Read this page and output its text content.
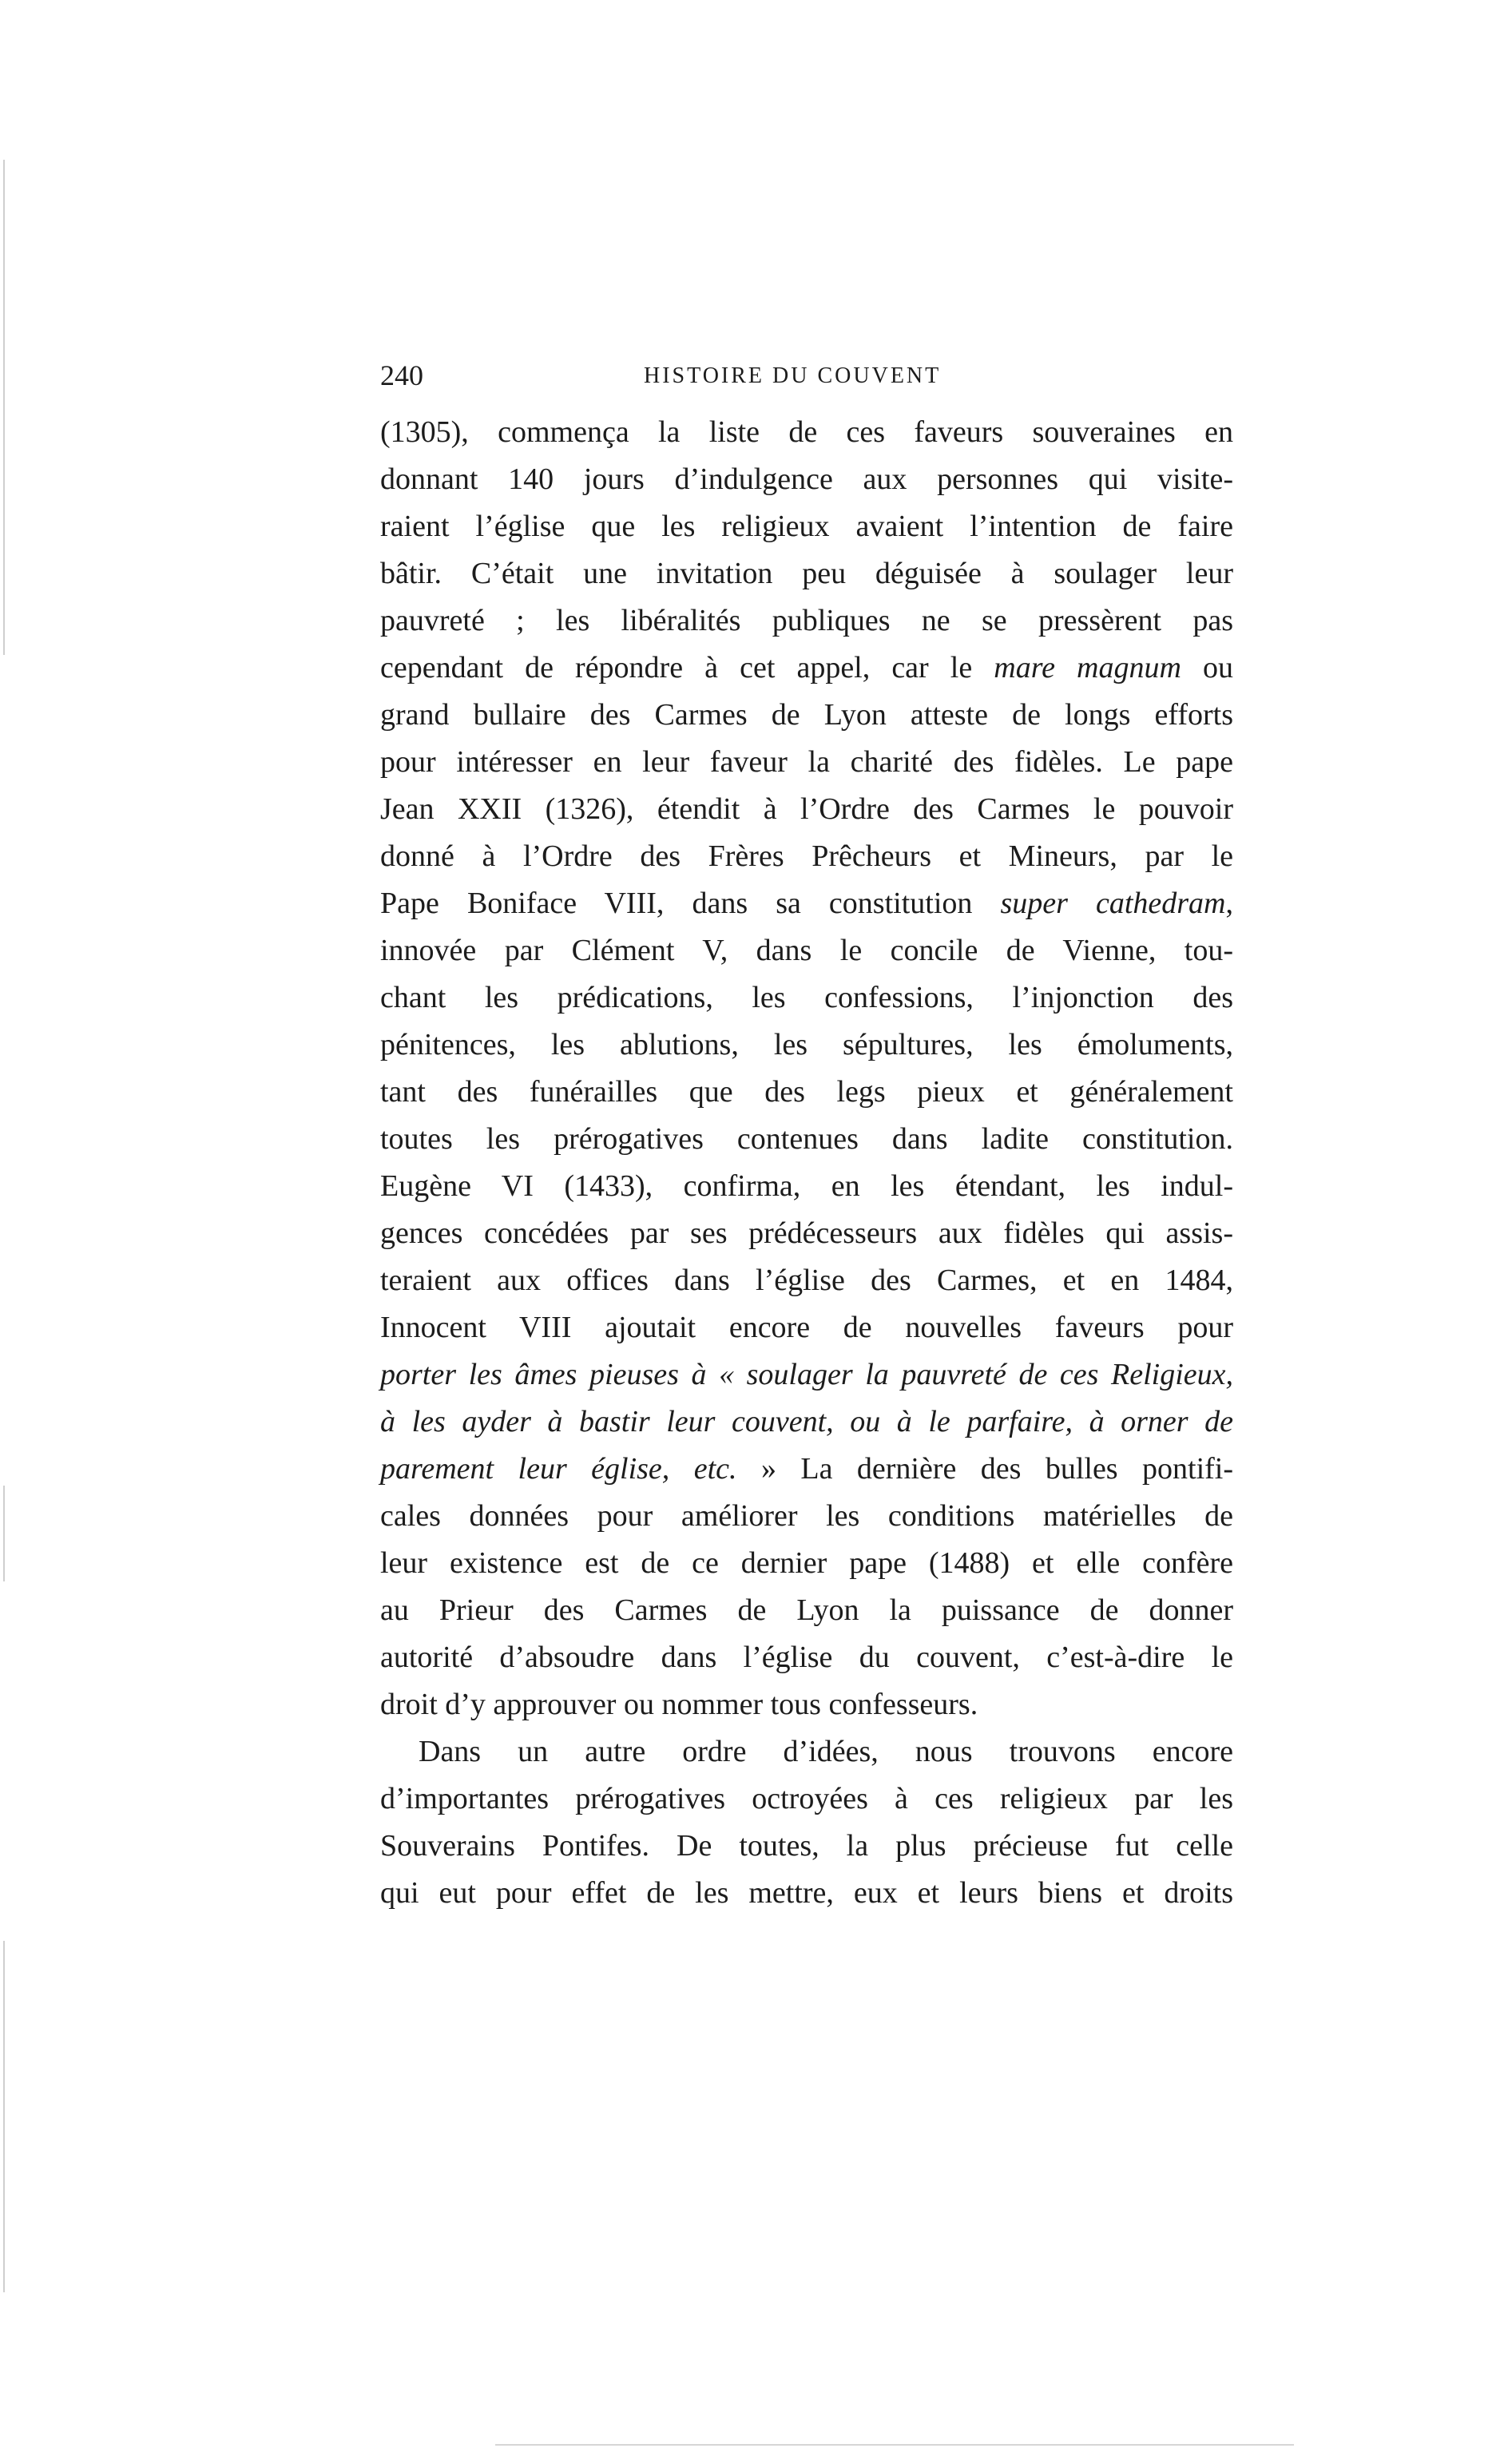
240	HISTOIRE DU COUVENT
(1305), commença la liste de ces faveurs souveraines en
donnant 140 jours d’indulgence aux personnes qui visite-
raient l’église que les religieux avaient l’intention de faire
bâtir. C’était une invitation peu déguisée à soulager leur
pauvreté ; les libéralités publiques ne se pressèrent pas
cependant de répondre à cet appel, car le mare magnum ou
grand bullaire des Carmes de Lyon atteste de longs efforts
pour intéresser en leur faveur la charité des fidèles. Le pape
Jean XXII (1326), étendit à l’Ordre des Carmes le pouvoir
donné à l’Ordre des Frères Prêcheurs et Mineurs, par le
Pape Boniface VIII, dans sa constitution super cathedram,
innovée par Clément V, dans le concile de Vienne, tou-
chant les prédications, les confessions, l’injonction des
pénitences, les ablutions, les sépultures, les émoluments,
tant des funérailles que des legs pieux et généralement
toutes les prérogatives contenues dans ladite constitution.
Eugène VI (1433), confirma, en les étendant, les indul-
gences concédées par ses prédécesseurs aux fidèles qui assis-
teraient aux offices dans l’église des Carmes, et en 1484,
Innocent VIII ajoutait encore de nouvelles faveurs pour
porter les âmes pieuses à « soulager la pauvreté de ces Religieux,
à les ayder à bastir leur couvent, ou à le parfaire, à orner de
parement leur église, etc. » La dernière des bulles pontifi-
cales données pour améliorer les conditions matérielles de
leur existence est de ce dernier pape (1488) et elle confère
au Prieur des Carmes de Lyon la puissance de donner
autorité d’absoudre dans l’église du couvent, c’est-à-dire le
droit d’y approuver ou nommer tous confesseurs.
Dans un autre ordre d’idées, nous trouvons encore
d’importantes prérogatives octroyées à ces religieux par les
Souverains Pontifes. De toutes, la plus précieuse fut celle
qui eut pour effet de les mettre, eux et leurs biens et droits
